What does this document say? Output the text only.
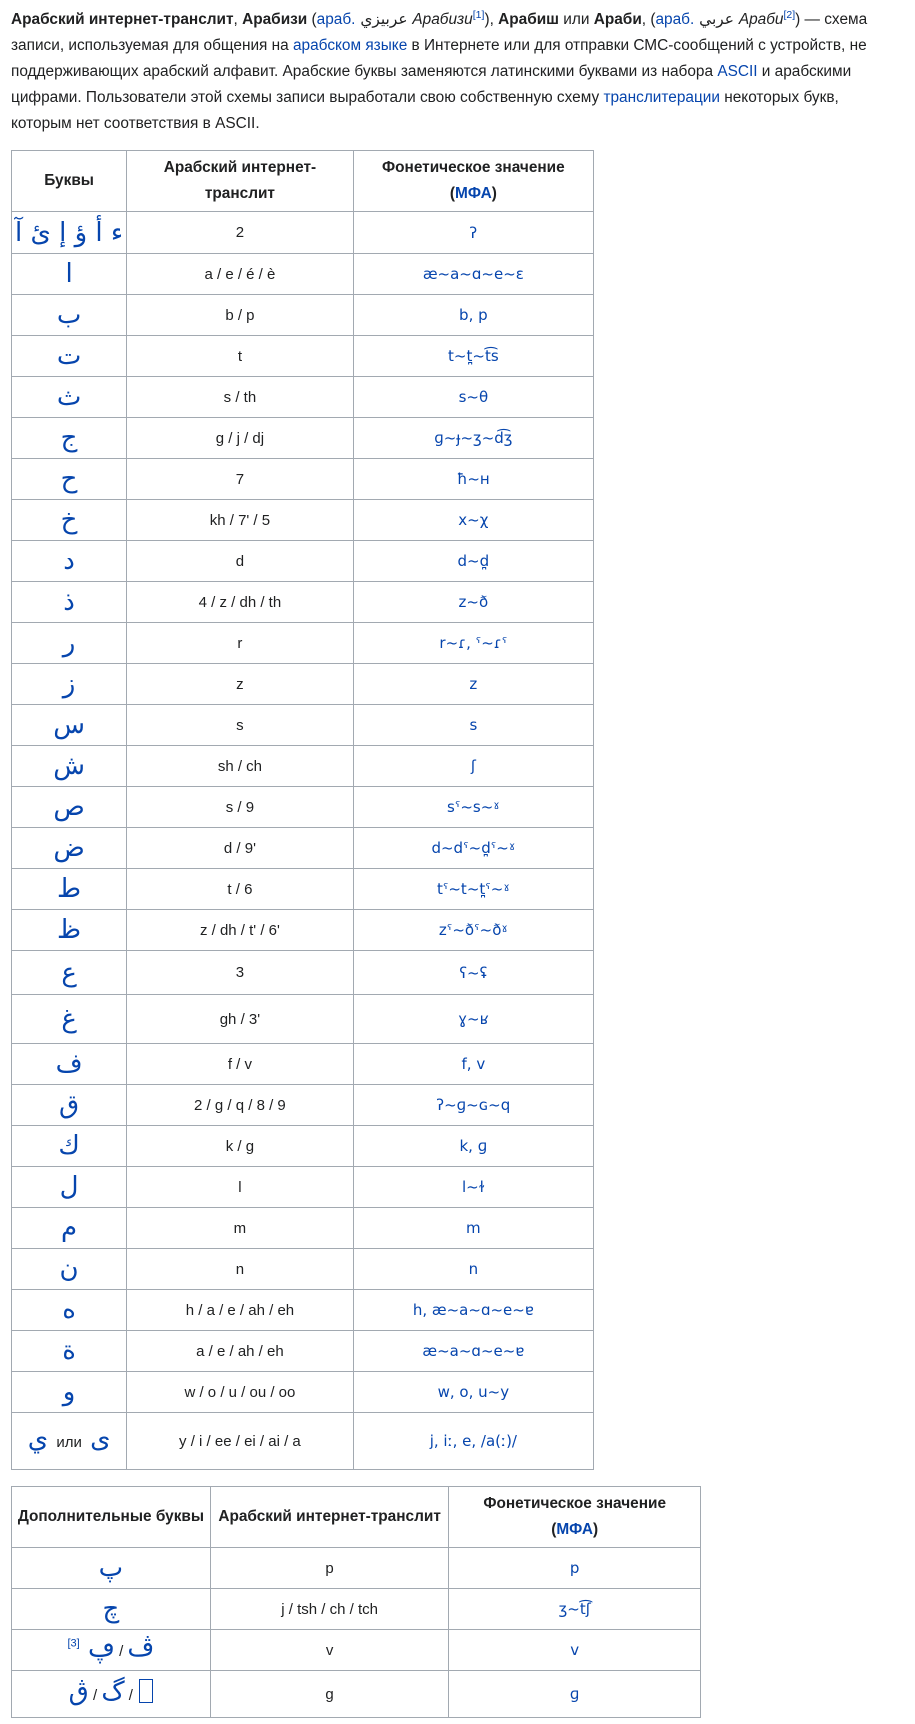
Арабский интернет-транслит, Арабизи (араб. عربيزي Арабизи[1]), Арабиш или Араби, (араб. عربي Араби[2]) — схема записи, используемая для общения на арабском языке в Интернете или для отправки СМС-сообщений с устройств, не поддерживающих арабский алфавит. Арабские буквы заменяются латинскими буквами из набора ASCII и арабскими цифрами. Пользователи этой схемы записи выработали свою собственную схему транслитерации некоторых букв, которым нет соответствия в ASCII.

Буквы	Арабский интернет-транслит	Фонетическое значение
(МФА)
ء أ ؤ إ ئ آ	2	ʔ
ا	a / e / é / è	æ~a~ɑ~e~ɛ
ب	b / p	b, p
ت	t	t~t̪~t͡s
ث	s / th	s~θ
ج	g / j / dj	ɡ~ɟ~ʒ~d͡ʒ
ح	7	ħ~ʜ
خ	kh / 7' / 5	x~χ
د	d	d~d̪
ذ	4 / z / dh / th	z~ð
ر	r	r~ɾ, ˤ~ɾˤ
ز	z	z
س	s	s
ش	sh / ch	ʃ
ص	s / 9	sˤ~s~ˠ
ض	d / 9'	d~dˤ~d̪ˤ~ˠ
ط	t / 6	tˤ~t~t̪ˤ~ˠ
ظ	z / dh / t' / 6'	zˤ~ðˤ~ðˠ
ع	3	ʕ~ʢ
غ	gh / 3'	ɣ~ʁ
ف	f / v	f, v
ق	2 / g / q / 8 / 9	ʔ~ɡ~ɢ~q
ك	k / g	k, ɡ
ل	l	l~ɫ
م	m	m
ن	n	n
ه	h / a / e / ah / eh	h, æ~a~ɑ~e~ɐ
ة	a / e / ah / eh	æ~a~ɑ~e~ɐ
و	w / o / u / ou / oo	w, o, u~y
ي или ى	y / i / ee / ei / ai / a	j, iː, e, /a(ː)/
Дополнительные буквы	Арабский интернет-транслит	Фонетическое значение
(МФА)
پ	p	p
چ	j / tsh / ch / tch	ʒ~t͡ʃ
ڤ / ڥ [3]	v	v
گ / ڨ /	g	ɡ
